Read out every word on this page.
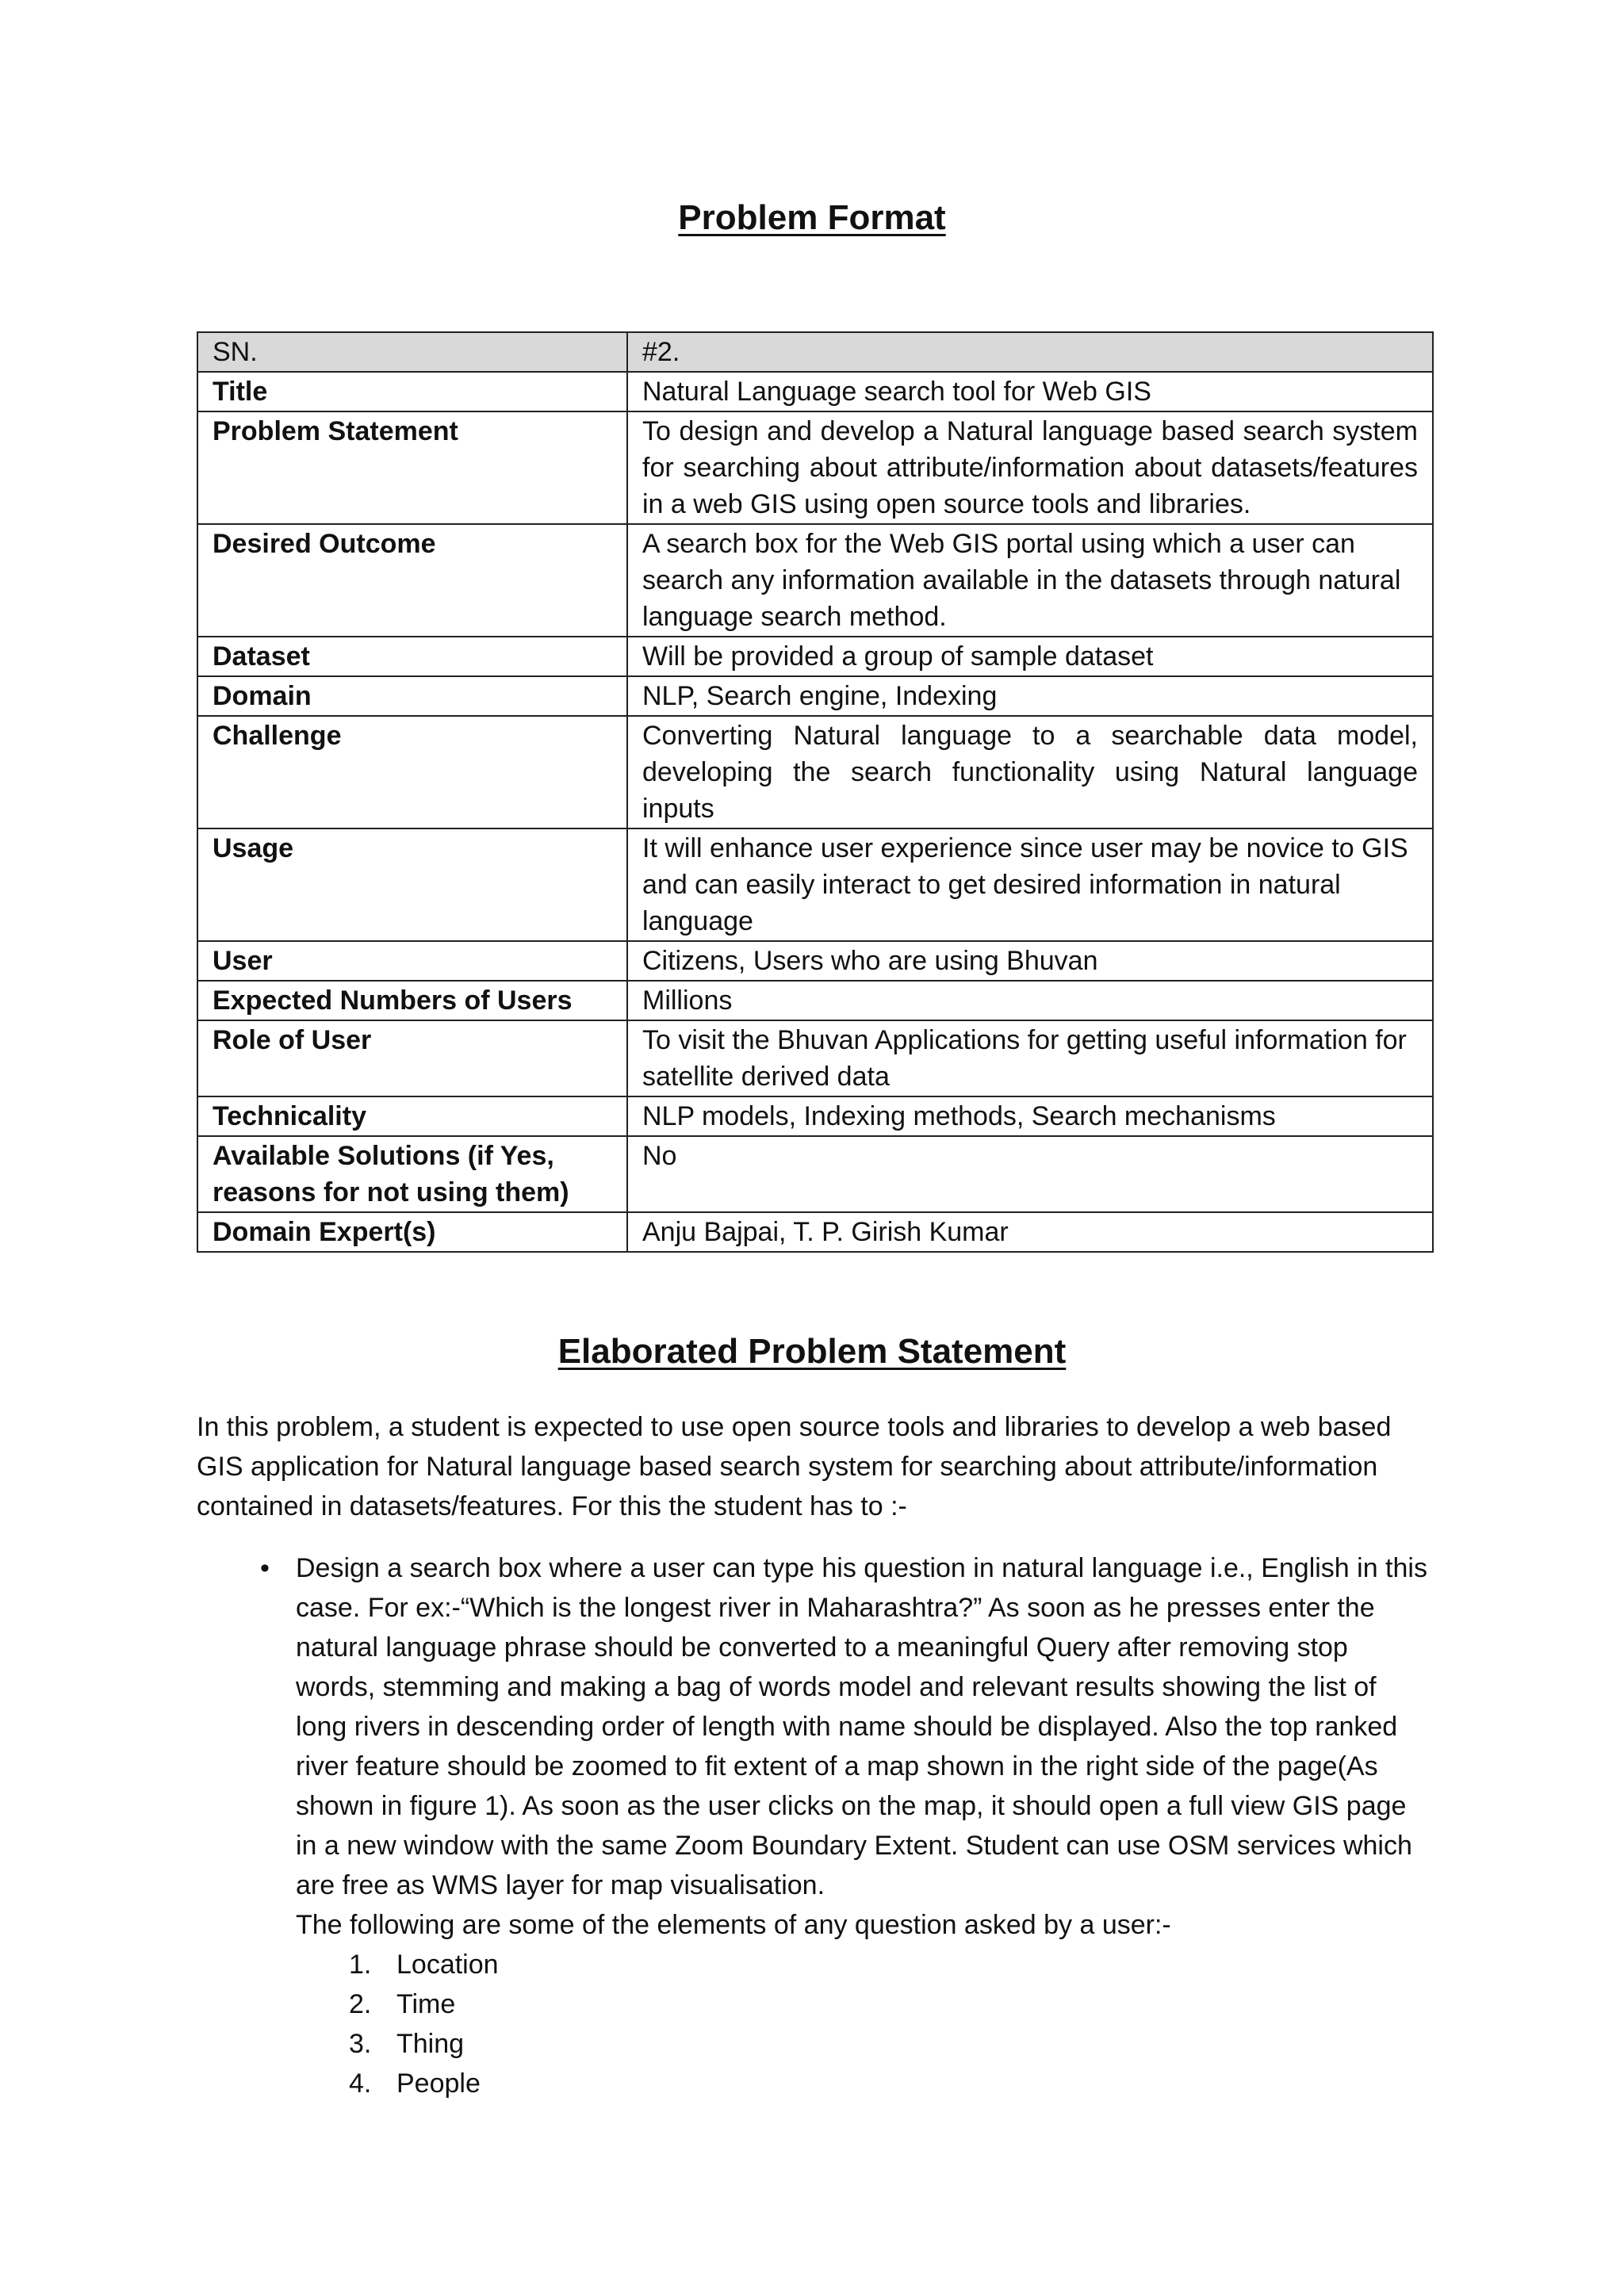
Problem Format
SN.	#2.
Title	Natural Language search tool for Web GIS
Problem Statement	To design and develop a Natural language based search system for searching about attribute/information about datasets/features in a web GIS using open source tools and libraries.
Desired Outcome	A search box for the Web GIS portal using which a user can search any information available in the datasets through natural language search method.
Dataset	Will be provided a group of sample dataset
Domain	NLP, Search engine, Indexing
Challenge	Converting Natural language to a searchable data model, developing the search functionality using Natural language inputs
Usage	It will enhance user experience since user may be novice to GIS and can easily interact to get desired information in natural language
User	Citizens, Users who are using Bhuvan
Expected Numbers of Users	Millions
Role of User	To visit the Bhuvan Applications for getting useful information for satellite derived data
Technicality	NLP models, Indexing methods, Search mechanisms
Available Solutions (if Yes, reasons for not using them)	No
Domain Expert(s)	Anju Bajpai, T. P. Girish Kumar
Elaborated Problem Statement
In this problem, a student is expected to use open source tools and libraries to develop a web based GIS application for Natural language based search system for searching about attribute/information contained in datasets/features. For this the student has to :-
• Design a search box where a user can type his question in natural language i.e., English in this case. For ex:-“Which is the longest river in Maharashtra?” As soon as he presses enter the natural language phrase should be converted to a meaningful Query after removing stop words, stemming and making a bag of words model and relevant results showing the list of long rivers in descending order of length with name should be displayed. Also the top ranked river feature should be zoomed to fit extent of a map shown in the right side of the page(As shown in figure 1). As soon as the user clicks on the map, it should open a full view GIS page in a new window with the same Zoom Boundary Extent. Student can use OSM services which are free as WMS layer for map visualisation.
The following are some of the elements of any question asked by a user:-
1. Location
2. Time
3. Thing
4. People
